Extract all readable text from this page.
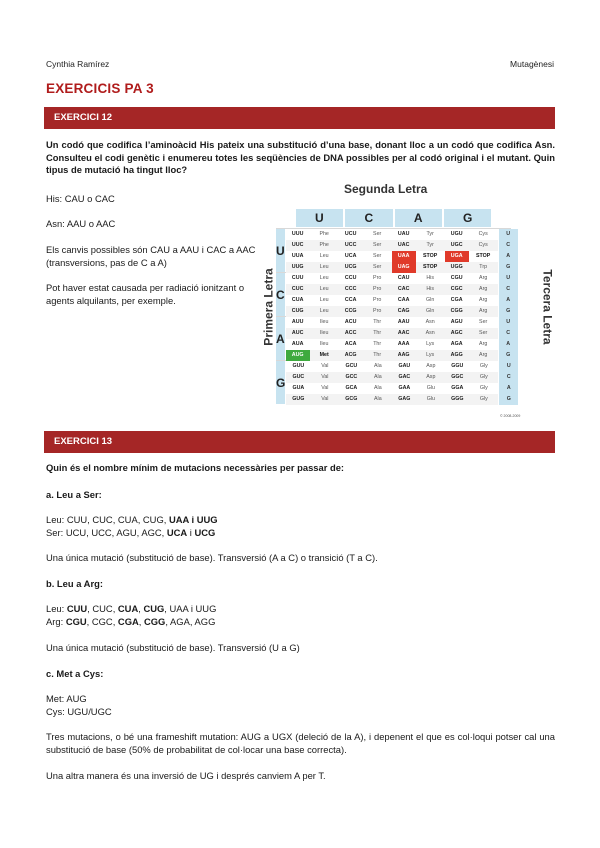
Cynthia Ramírez	Mutagènesi
EXERCICIS PA 3
EXERCICI 12
Un codó que codifica l’aminoàcid His pateix una substitució d’una base, donant lloc a un codó que codifica Asn. Consulteu el codi genètic i enumereu totes les seqüències de DNA possibles per al codó original i el mutant. Quin tipus de mutació ha tingut lloc?
His: CAU o CAC
Asn: AAU o AAC
Els canvis possibles són CAU a AAU i CAC a AAC (transversions, pas de C a A)
Pot haver estat causada per radiació ionitzant o agents alquilants, per exemple.
Segunda Letra
Primera Letra	Tercera Letra
U	C	A	G
U
UUU	Phe	UCU	Ser	UAU	Tyr	UGU	Cys	U
UUC	Phe	UCC	Ser	UAC	Tyr	UGC	Cys	C
UUA	Leu	UCA	Ser	UAA	STOP	UGA	STOP	A
UUG	Leu	UCG	Ser	UAG	STOP	UGG	Trp	G
C
CUU	Leu	CCU	Pro	CAU	His	CGU	Arg	U
CUC	Leu	CCC	Pro	CAC	His	CGC	Arg	C
CUA	Leu	CCA	Pro	CAA	Gln	CGA	Arg	A
CUG	Leu	CCG	Pro	CAG	Gln	CGG	Arg	G
A
AUU	Ileu	ACU	Thr	AAU	Asn	AGU	Ser	U
AUC	Ileu	ACC	Thr	AAC	Asn	AGC	Ser	C
AUA	Ileu	ACA	Thr	AAA	Lys	AGA	Arg	A
AUG	Met	ACG	Thr	AAG	Lys	AGG	Arg	G
G
GUU	Val	GCU	Ala	GAU	Asp	GGU	Gly	U
GUC	Val	GCC	Ala	GAC	Asp	GGC	Gly	C
GUA	Val	GCA	Ala	GAA	Glu	GGA	Gly	A
GUG	Val	GCG	Ala	GAG	Glu	GGG	Gly	G
© 2008-2009
EXERCICI 13
Quin és el nombre mínim de mutacions necessàries per passar de:
a. Leu a Ser:
Leu: CUU, CUC, CUA, CUG, UAA i UUG
Ser: UCU, UCC, AGU, AGC, UCA i UCG
Una única mutació (substitució de base). Transversió (A a C) o transició (T a C).
b. Leu a Arg:
Leu: CUU, CUC, CUA, CUG, UAA i UUG
Arg: CGU, CGC, CGA, CGG, AGA, AGG
Una única mutació (substitució de base). Transversió (U a G)
c. Met a Cys:
Met: AUG
Cys: UGU/UGC
Tres mutacions, o bé una frameshift mutation: AUG a UGX (deleció de la A), i depenent el que es col·loqui potser cal una substitució de base (50% de probabilitat de col·locar una base correcta).
Una altra manera és una inversió de UG i després canviem A per T.
